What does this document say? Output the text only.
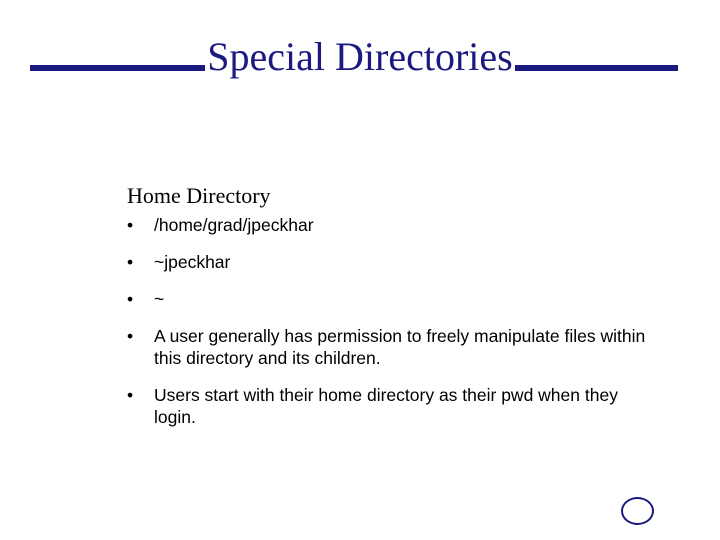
Special Directories
Home Directory
• /home/grad/jpeckhar
• ~jpeckhar
• ~
• A user generally has permission to freely manipulate files within this directory and its children.
• Users start with their home directory as their pwd when they login.
